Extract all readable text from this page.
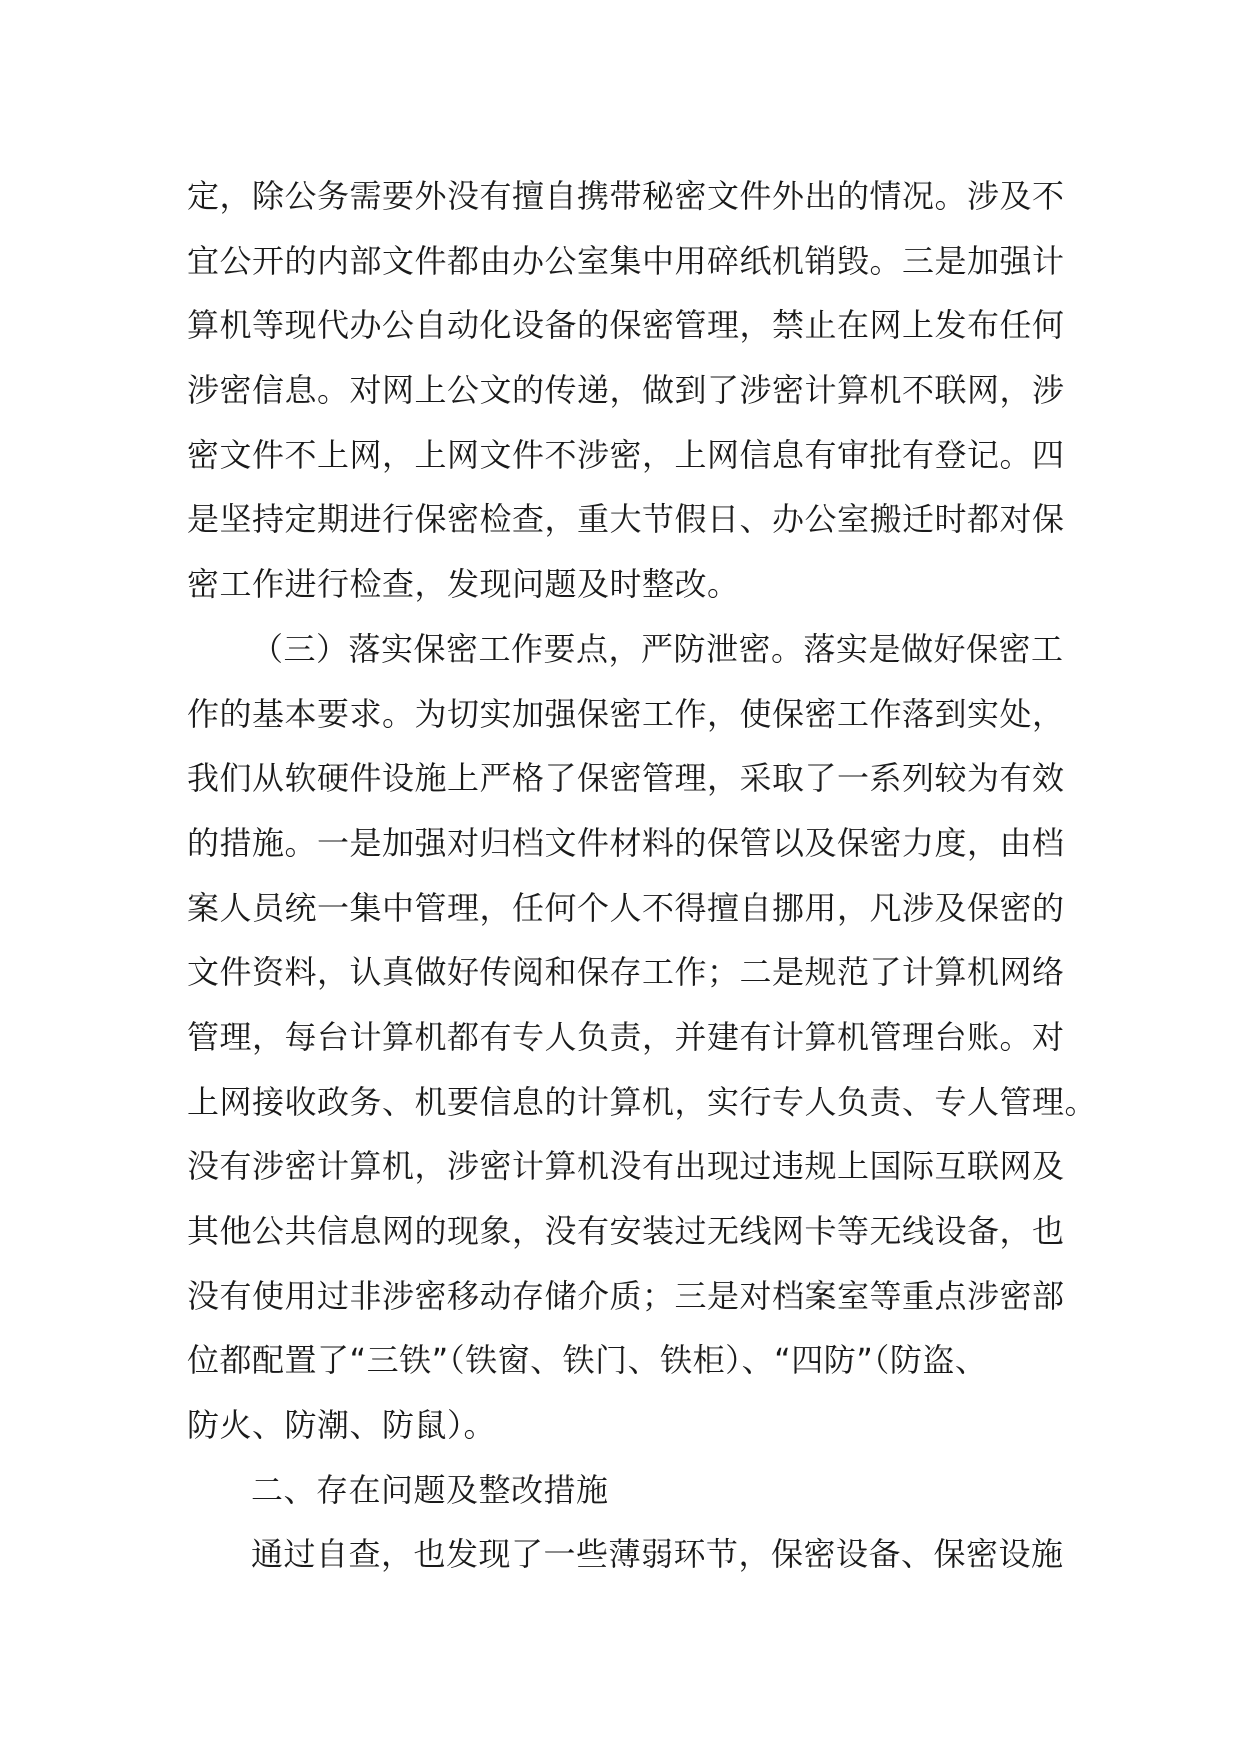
定，除公务需要外没有擅自携带秘密文件外出的情况。涉及不
宜公开的内部文件都由办公室集中用碎纸机销毁。三是加强计
算机等现代办公自动化设备的保密管理，禁止在网上发布任何
涉密信息。对网上公文的传递，做到了涉密计算机不联网，涉
密文件不上网，上网文件不涉密，上网信息有审批有登记。四
是坚持定期进行保密检查，重大节假日、办公室搬迁时都对保
密工作进行检查，发现问题及时整改。
（三）落实保密工作要点，严防泄密。落实是做好保密工
作的基本要求。为切实加强保密工作，使保密工作落到实处，
我们从软硬件设施上严格了保密管理，采取了一系列较为有效
的措施。一是加强对归档文件材料的保管以及保密力度，由档
案人员统一集中管理，任何个人不得擅自挪用，凡涉及保密的
文件资料，认真做好传阅和保存工作；二是规范了计算机网络
管理，每台计算机都有专人负责，并建有计算机管理台账。对
上网接收政务、机要信息的计算机，实行专人负责、专人管理。
没有涉密计算机，涉密计算机没有出现过违规上国际互联网及
其他公共信息网的现象，没有安装过无线网卡等无线设备，也
没有使用过非涉密移动存储介质；三是对档案室等重点涉密部
位都配置了“三铁”（铁窗、铁门、铁柜）、“四防”（防盗、
防火、防潮、防鼠）。
二、存在问题及整改措施
通过自查，也发现了一些薄弱环节，保密设备、保密设施
